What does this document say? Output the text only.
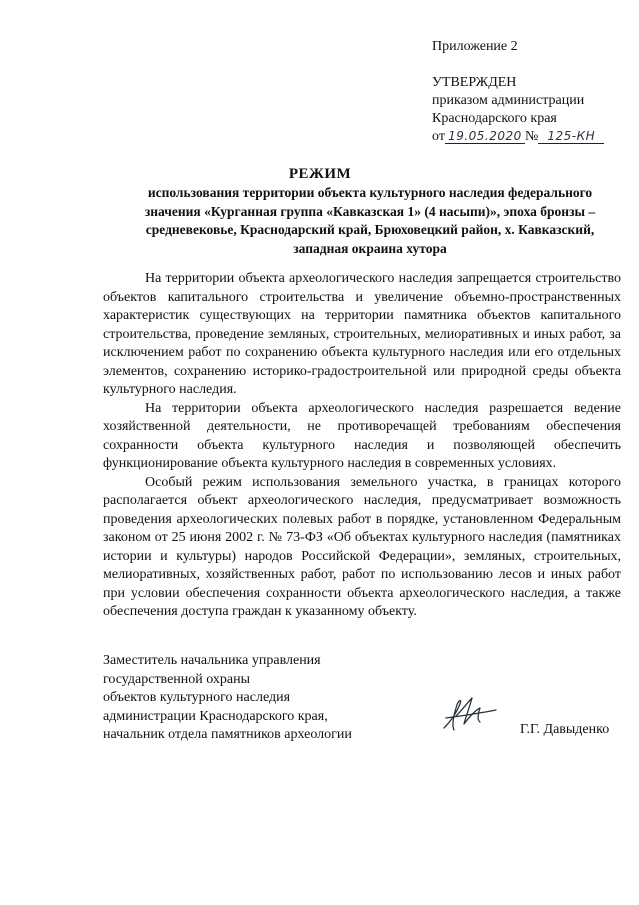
Приложение 2
УТВЕРЖДЕН
приказом администрации
Краснодарского края
от 19.05.2020 № 125-КН
РЕЖИМ
использования территории объекта культурного наследия федерального
значения «Курганная группа «Кавказская 1» (4 насыпи)», эпоха бронзы –
средневековье, Краснодарский край, Брюховецкий район, х. Кавказский,
западная окраина хутора

На территории объекта археологического наследия запрещается строительство объектов капитального строительства и увеличение объемно-пространственных характеристик существующих на территории памятника объектов капитального строительства, проведение земляных, строительных, мелиоративных и иных работ, за исключением работ по сохранению объекта культурного наследия или его отдельных элементов, сохранению историко-градостроительной или природной среды объекта культурного наследия.

На территории объекта археологического наследия разрешается ведение хозяйственной деятельности, не противоречащей требованиям обеспечения сохранности объекта культурного наследия и позволяющей обеспечить функционирование объекта культурного наследия в современных условиях.

Особый режим использования земельного участка, в границах которого располагается объект археологического наследия, предусматривает возможность проведения археологических полевых работ в порядке, установленном Федеральным законом от 25 июня 2002 г. № 73-ФЗ «Об объектах культурного наследия (памятниках истории и культуры) народов Российской Федерации», земляных, строительных, мелиоративных, хозяйственных работ, работ по использованию лесов и иных работ при условии обеспечения сохранности объекта археологического наследия, а также обеспечения доступа граждан к указанному объекту.

Заместитель начальника управления
государственной охраны
объектов культурного наследия
администрации Краснодарского края,
начальник отдела памятников археологии	Г.Г. Давыденко
